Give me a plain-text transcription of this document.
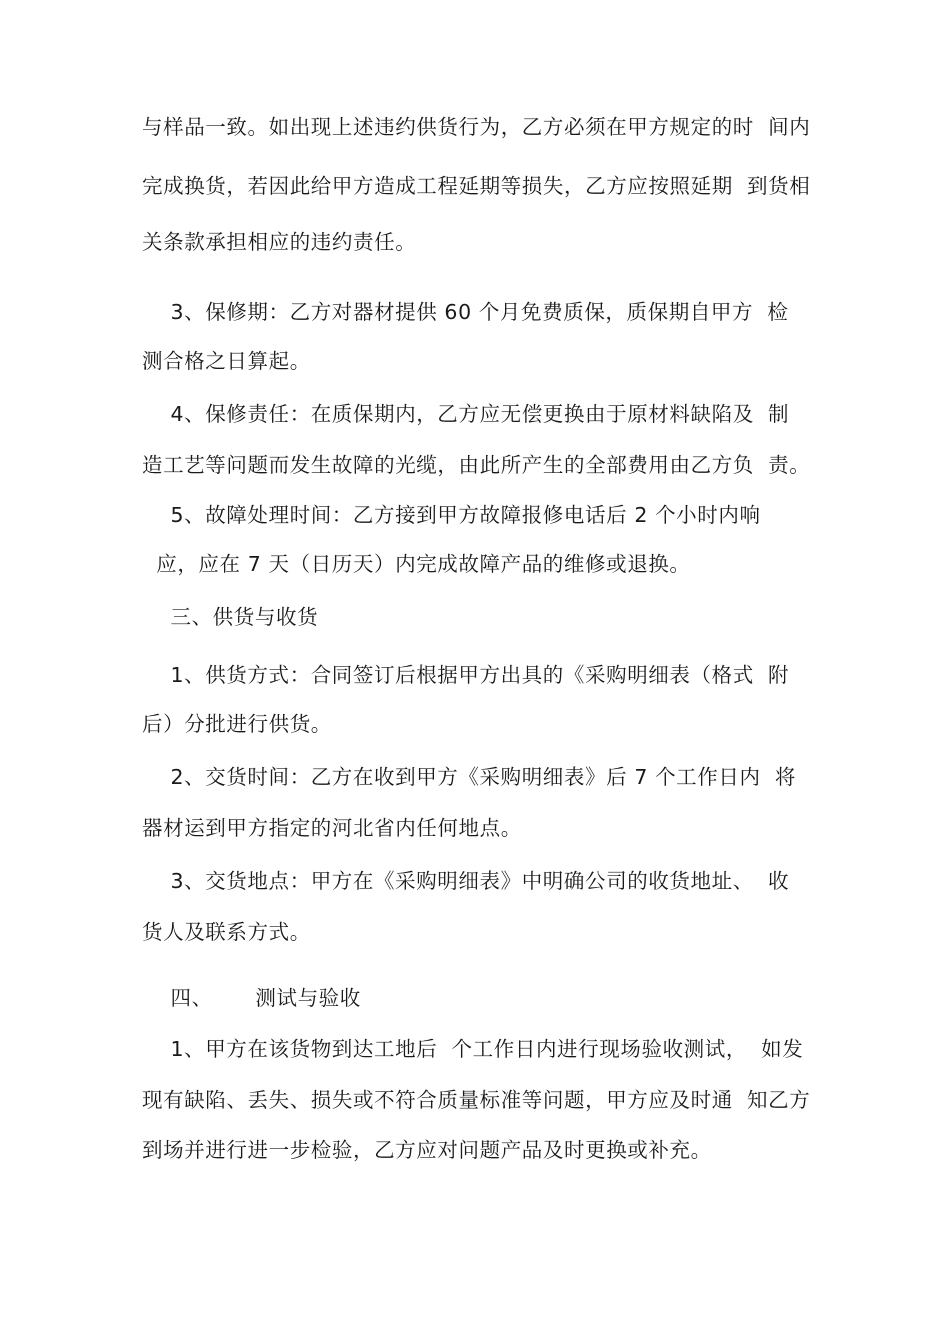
与样品一致。如出现上述违约供货行为，乙方必须在甲方规定的时  间内
完成换货，若因此给甲方造成工程延期等损失，乙方应按照延期  到货相
关条款承担相应的违约责任。
3、保修期：乙方对器材提供 60 个月免费质保，质保期自甲方  检
测合格之日算起。
4、保修责任：在质保期内，乙方应无偿更换由于原材料缺陷及  制
造工艺等问题而发生故障的光缆，由此所产生的全部费用由乙方负  责。
5、故障处理时间：乙方接到甲方故障报修电话后 2 个小时内响
应，应在 7 天（日历天）内完成故障产品的维修或退换。
三、供货与收货
1、供货方式：合同签订后根据甲方出具的《采购明细表（格式  附
后）分批进行供货。
2、交货时间：乙方在收到甲方《采购明细表》后 7 个工作日内  将
器材运到甲方指定的河北省内任何地点。
3、交货地点：甲方在《采购明细表》中明确公司的收货地址、  收
货人及联系方式。
四、      测试与验收
1、甲方在该货物到达工地后  个工作日内进行现场验收测试，  如发
现有缺陷、丢失、损失或不符合质量标准等问题，甲方应及时通  知乙方
到场并进行进一步检验，乙方应对问题产品及时更换或补充。
